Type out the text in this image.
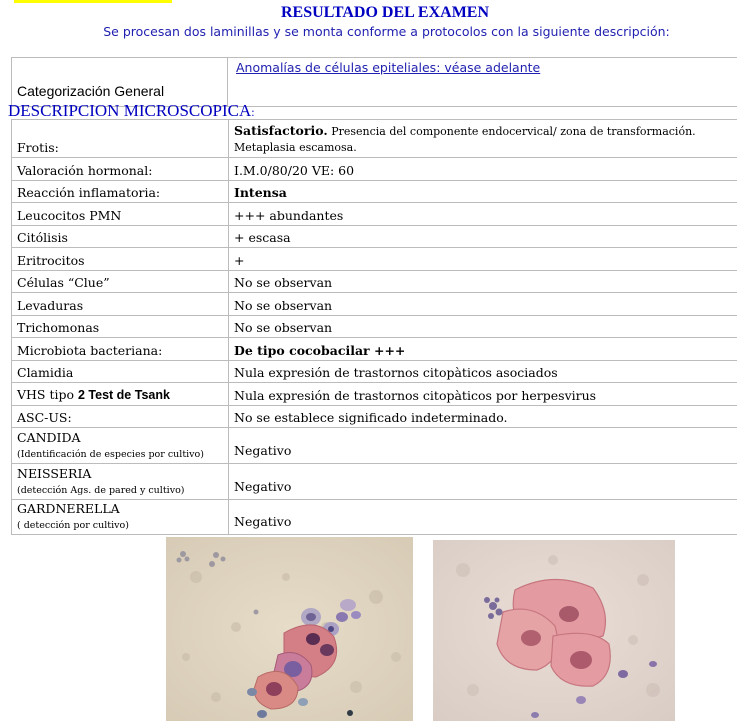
RESULTADO DEL EXAMEN
Se procesan dos laminillas y se monta conforme a protocolos con la siguiente descripción:
Categorización General	Anomalías de células epiteliales: véase adelante
DESCRIPCION MICROSCOPICA:
Frotis:	Satisfactorio. Presencia del componente endocervical/ zona de transformación.
Metaplasia escamosa.
Valoración hormonal:	I.M.0/80/20 VE: 60
Reacción inflamatoria:	Intensa
Leucocitos PMN	+++ abundantes
Citólisis	+ escasa
Eritrocitos	+
Células “Clue”	No se observan
Levaduras	No se observan
Trichomonas	No se observan
Microbiota bacteriana:	De tipo cocobacilar +++
Clamidia	Nula expresión de trastornos citopàticos asociados
VHS tipo 2 Test de Tsank	Nula expresión de trastornos citopàticos por herpesvirus
ASC-US:	No se establece significado indeterminado.
CANDIDA
(Identificación de especies por cultivo)	Negativo
NEISSERIA
(detección Ags. de pared y cultivo)	Negativo
GARDNERELLA
( detección por cultivo)	Negativo
